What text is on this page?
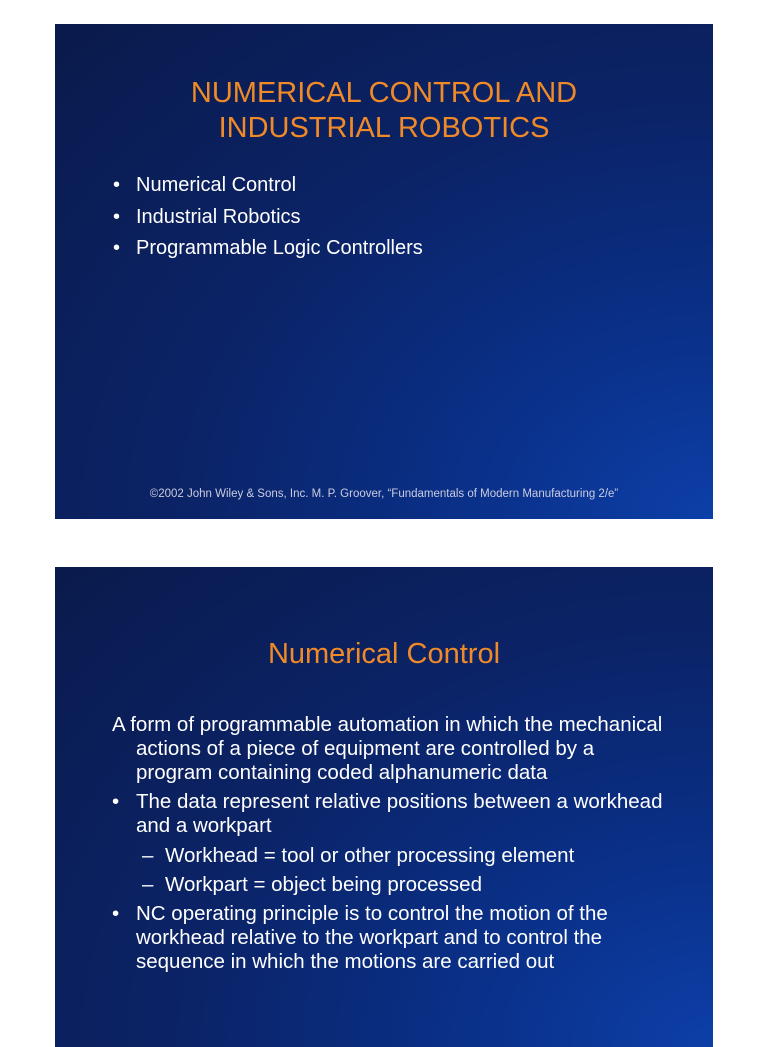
NUMERICAL CONTROL AND INDUSTRIAL ROBOTICS
• Numerical Control
• Industrial Robotics
• Programmable Logic Controllers
©2002 John Wiley & Sons, Inc. M. P. Groover, “Fundamentals of Modern Manufacturing 2/e”
Numerical Control
A form of programmable automation in which the mechanical actions of a piece of equipment are controlled by a program containing coded alphanumeric data
• The data represent relative positions between a workhead and a workpart
– Workhead = tool or other processing element
– Workpart = object being processed
• NC operating principle is to control the motion of the workhead relative to the workpart and to control the sequence in which the motions are carried out
